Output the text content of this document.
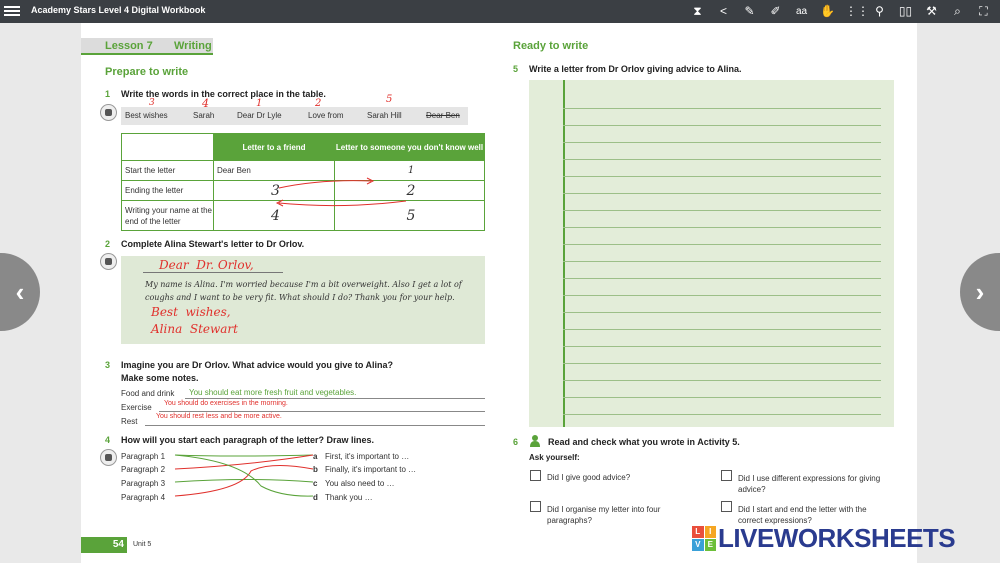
Academy Stars Level 4 Digital Workbook	⧗	<	✎ ✐	aa ✋ ⋮⋮ ⚲	▯▯ ⚒	⌕	⛶
Lesson 7 Writing
Prepare to write
1 Write the words in the correct place in the table.
Best wishes	Sarah	Dear Dr Lyle	Love from	Sarah Hill	Dear Ben
3	4	1	2	5
	Letter to a friend	Letter to someone you don't know well
Start the letter	Dear Ben	1
Ending the letter	3	2
Writing your name at the end of the letter	4	5
2 Complete Alina Stewart's letter to Dr Orlov.
Dear  Dr. Orlov,
My name is Alina. I'm worried because I'm a bit overweight. Also I get a lot of
coughs and I want to be very fit. What should I do? Thank you for your help.
Best  wishes,
Alina  Stewart
3 Imagine you are Dr Orlov. What advice would you give to Alina?
Make some notes.
Food and drink You should eat more fresh fruit and vegetables.
Exercise You should do exercises in the morning.
Rest
You should rest less and be more active.
4 How will you start each paragraph of the letter? Draw lines.
Paragraph 1
Paragraph 2
Paragraph 3
Paragraph 4
a First, it's important to …
b Finally, it's important to …
c You also need to …
d Thank you …
54	Unit 5
Ready to write
5 Write a letter from Dr Orlov giving advice to Alina.
6	Read and check what you wrote in Activity 5.
Ask yourself:
Did I give good advice?	Did I use different expressions for giving advice?
Did I organise my letter into four paragraphs?
Did I start and end the letter with the correct expressions?
‹	›
L	I
V E LIVEWORKSHEETS
